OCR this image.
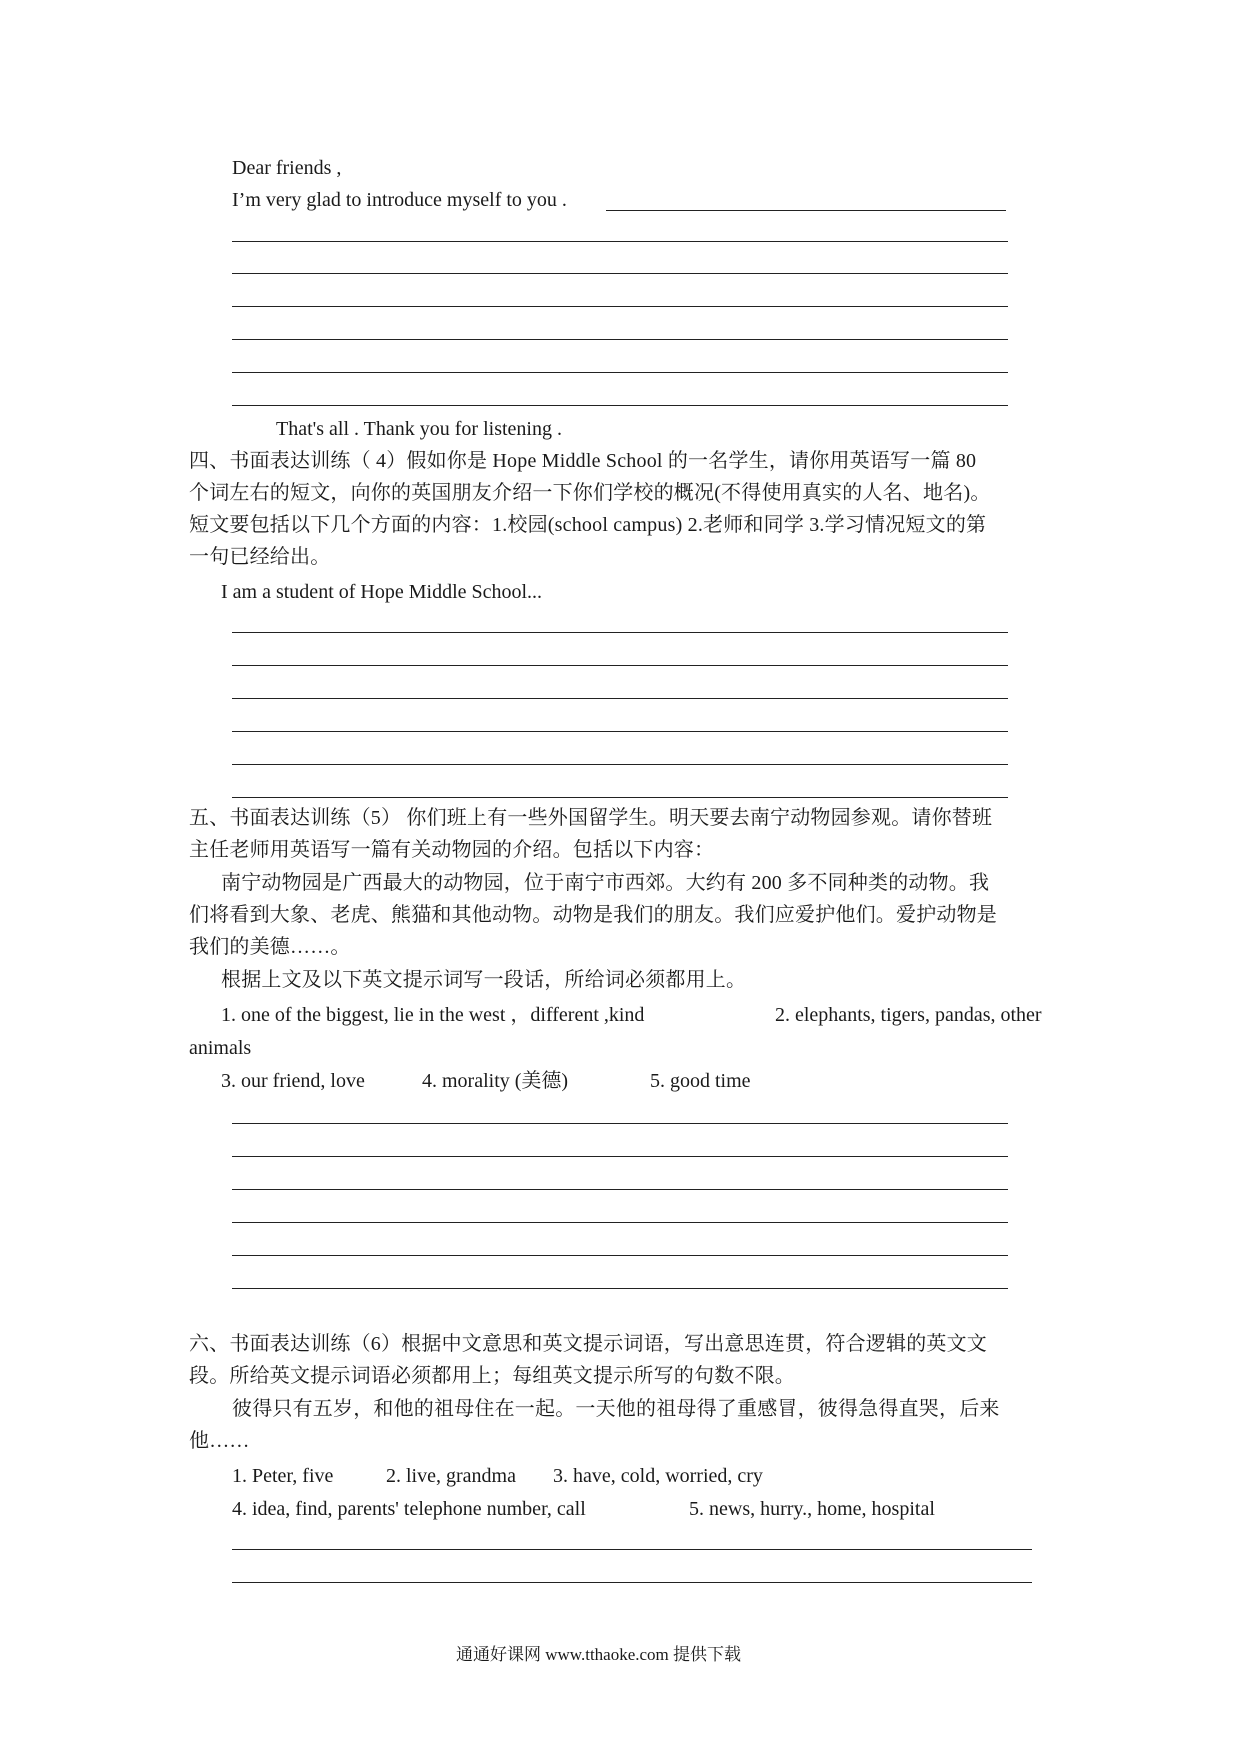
Dear friends ,
I’m very glad to introduce myself to you .
That's all . Thank you for listening .
四、书面表达训练（ 4）假如你是 Hope Middle School 的一名学生，请你用英语写一篇 80
个词左右的短文，向你的英国朋友介绍一下你们学校的概况(不得使用真实的人名、地名)。
短文要包括以下几个方面的内容：1.校园(school campus) 2.老师和同学 3.学习情况短文的第
一句已经给出。
I am a student of Hope Middle School...
五、书面表达训练（5） 你们班上有一些外国留学生。明天要去南宁动物园参观。请你替班
主任老师用英语写一篇有关动物园的介绍。包括以下内容：
南宁动物园是广西最大的动物园，位于南宁市西郊。大约有 200 多不同种类的动物。我
们将看到大象、老虎、熊猫和其他动物。动物是我们的朋友。我们应爱护他们。爱护动物是
我们的美德……。
根据上文及以下英文提示词写一段话，所给词必须都用上。
1. one of the biggest, lie in the west ，different ,kind	2. elephants, tigers, pandas, other
animals
3. our friend, love	4. morality (美德)	5. good time
六、书面表达训练（6）根据中文意思和英文提示词语，写出意思连贯，符合逻辑的英文文
段。所给英文提示词语必须都用上；每组英文提示所写的句数不限。
彼得只有五岁，和他的祖母住在一起。一天他的祖母得了重感冒，彼得急得直哭，后来
他……
1. Peter, five	2. live, grandma 3. have, cold, worried, cry
4. idea, find, parents' telephone number, call	5. news, hurry., home, hospital
通通好课网 www.tthaoke.com 提供下载
